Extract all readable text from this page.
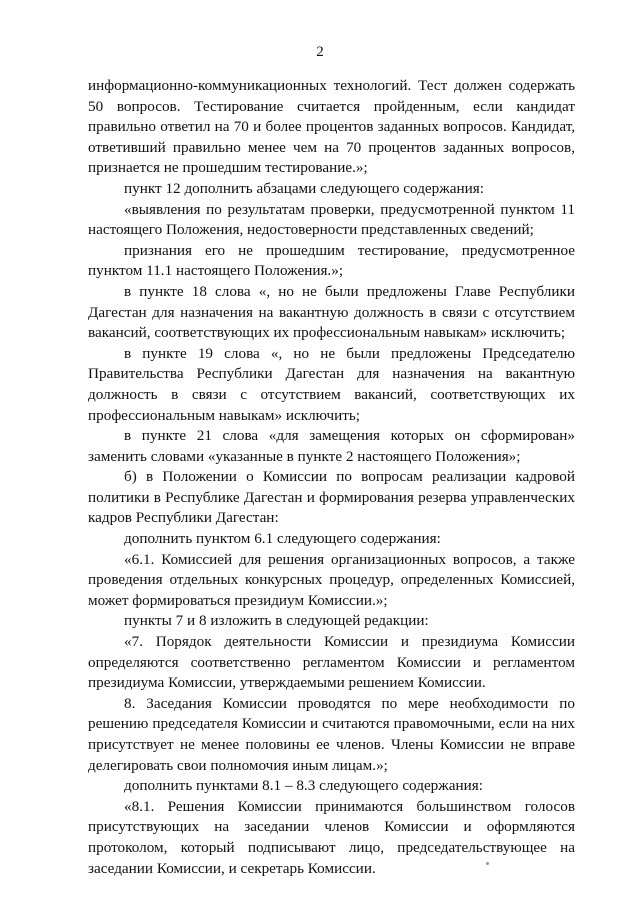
2

информационно-коммуникационных технологий. Тест должен содержать 50 вопросов. Тестирование считается пройденным, если кандидат правильно ответил на 70 и более процентов заданных вопросов. Кандидат, ответивший правильно менее чем на 70 процентов заданных вопросов, признается не прошедшим тестирование.»;

пункт 12 дополнить абзацами следующего содержания:

«выявления по результатам проверки, предусмотренной пунктом 11 настоящего Положения, недостоверности представленных сведений;

признания его не прошедшим тестирование, предусмотренное пунктом 11.1 настоящего Положения.»;

в пункте 18 слова «, но не были предложены Главе Республики Дагестан для назначения на вакантную должность в связи с отсутствием вакансий, соответствующих их профессиональным навыкам» исключить;

в пункте 19 слова «, но не были предложены Председателю Правительства Республики Дагестан для назначения на вакантную должность в связи с отсутствием вакансий, соответствующих их профессиональным навыкам» исключить;

в пункте 21 слова «для замещения которых он сформирован» заменить словами «указанные в пункте 2 настоящего Положения»;

б) в Положении о Комиссии по вопросам реализации кадровой политики в Республике Дагестан и формирования резерва управленческих кадров Республики Дагестан:

дополнить пунктом 6.1 следующего содержания:

«6.1. Комиссией для решения организационных вопросов, а также проведения отдельных конкурсных процедур, определенных Комиссией, может формироваться президиум Комиссии.»;

пункты 7 и 8 изложить в следующей редакции:

«7. Порядок деятельности Комиссии и президиума Комиссии определяются соответственно регламентом Комиссии и регламентом президиума Комиссии, утверждаемыми решением Комиссии.

8. Заседания Комиссии проводятся по мере необходимости по решению председателя Комиссии и считаются правомочными, если на них присутствует не менее половины ее членов. Члены Комиссии не вправе делегировать свои полномочия иным лицам.»;

дополнить пунктами 8.1 – 8.3 следующего содержания:

«8.1. Решения Комиссии принимаются большинством голосов присутствующих на заседании членов Комиссии и оформляются протоколом, который подписывают лицо, председательствующее на заседании Комиссии, и секретарь Комиссии.
